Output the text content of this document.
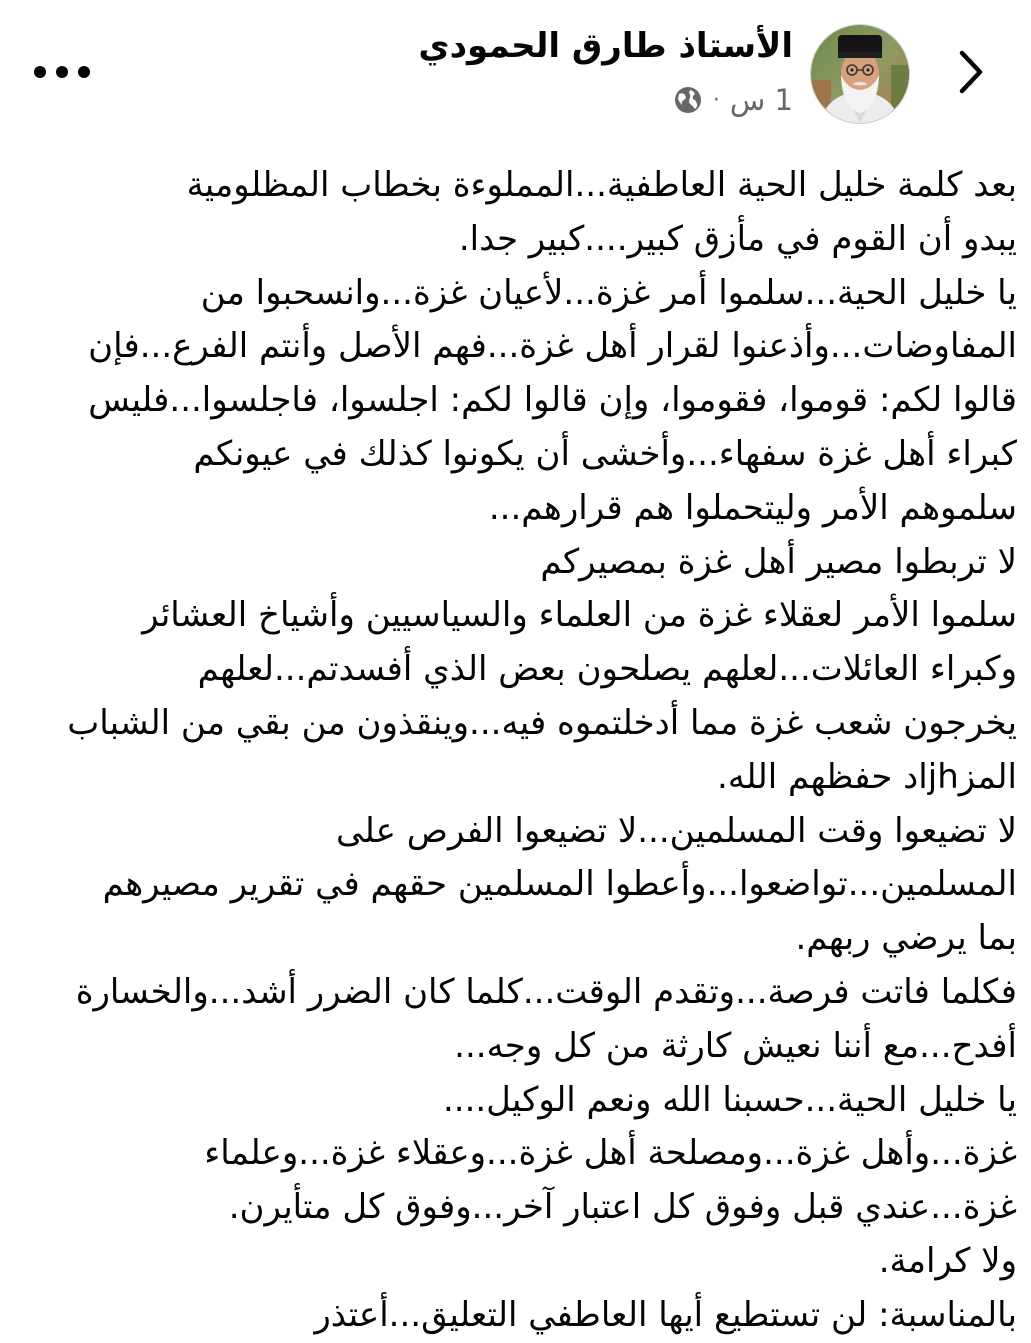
الأستاذ طارق الحمودي
1 س
·
بعد كلمة خليل الحية العاطفية...المملوءة بخطاب المظلومية
يبدو أن القوم في مأزق كبير....كبير جدا.
يا خليل الحية...سلموا أمر غزة...لأعيان غزة...وانسحبوا من
المفاوضات...وأذعنوا لقرار أهل غزة...فهم الأصل وأنتم الفرع...فإن
قالوا لكم: قوموا، فقوموا، وإن قالوا لكم: اجلسوا، فاجلسوا...فليس
كبراء أهل غزة سفهاء...وأخشى أن يكونوا كذلك في عيونكم
سلموهم الأمر وليتحملوا هم قرارهم...
لا تربطوا مصير أهل غزة بمصيركم
سلموا الأمر لعقلاء غزة من العلماء والسياسيين وأشياخ العشائر
وكبراء العائلات...لعلهم يصلحون بعض الذي أفسدتم...لعلهم
يخرجون شعب غزة مما أدخلتموه فيه...وينقذون من بقي من الشباب
المزjhاد حفظهم الله.
لا تضيعوا وقت المسلمين...لا تضيعوا الفرص على
المسلمين...تواضعوا...وأعطوا المسلمين حقهم في تقرير مصيرهم
بما يرضي ربهم.
فكلما فاتت فرصة...وتقدم الوقت...كلما كان الضرر أشد...والخسارة
أفدح...مع أننا نعيش كارثة من كل وجه...
يا خليل الحية...حسبنا الله ونعم الوكيل....
غزة...وأهل غزة...ومصلحة أهل غزة...وعقلاء غزة...وعلماء
غزة...عندي قبل وفوق كل اعتبار آخر...وفوق كل متأيرن.
ولا كرامة.
بالمناسبة: لن تستطيع أيها العاطفي التعليق...أعتذر
